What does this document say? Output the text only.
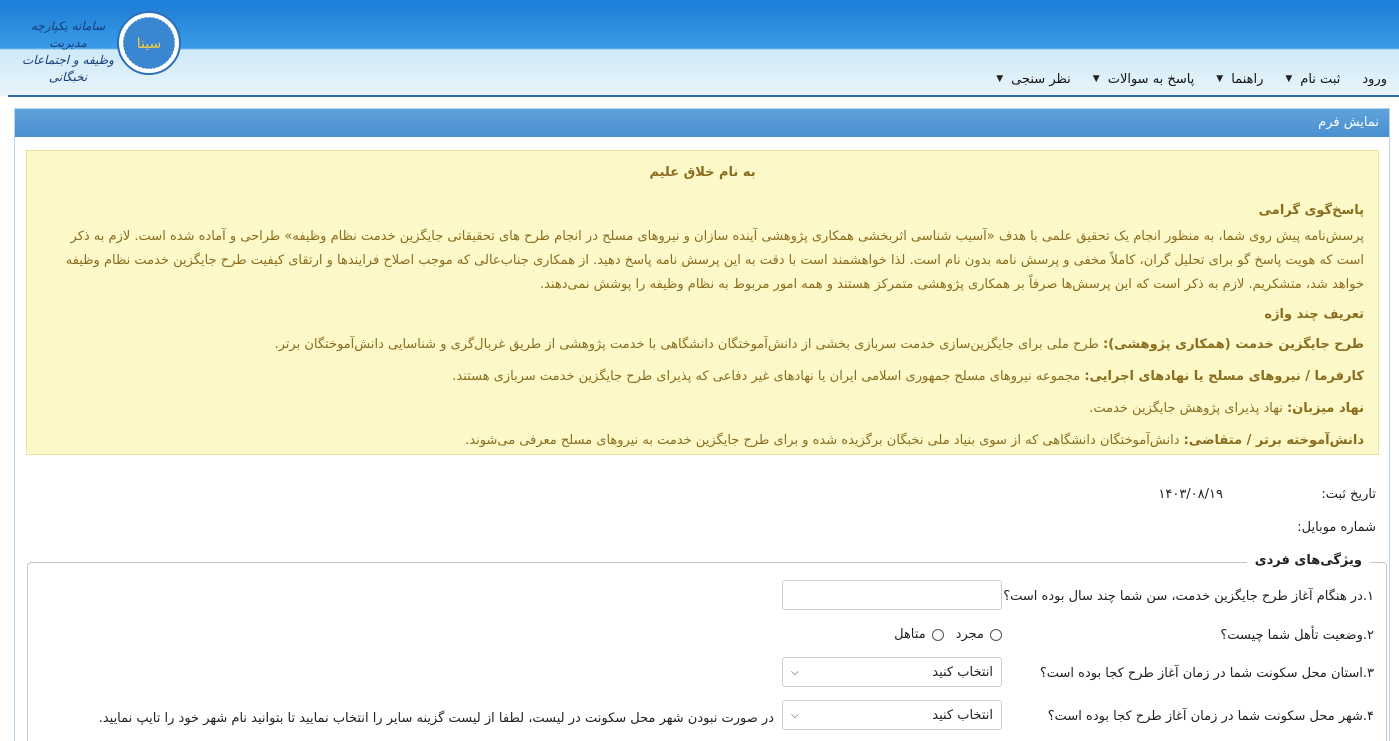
سامانه یکپارچه مدیریت
وظیفه و اجتماعات نخبگانی
سینا
ورود
ثبت نام
▼
راهنما
▼
پاسخ به سوالات
▼
نظر سنجی
▼
نمایش فرم
به نام خلاق علیم
پاسخ‌گوی گرامی
پرسش‌نامه پیش روی شما، به منظور انجام یک تحقیق علمی با هدف «آسیب شناسی اثربخشی همکاری پژوهشی آینده سازان و نیروهای مسلح در انجام طرح های تحقیقاتی جایگزین خدمت نظام وظیفه» طراحی و آماده شده است. لازم به ذکر است که هویت پاسخ گو برای تحلیل گران، کاملاً مخفی و پرسش نامه بدون نام است. لذا خواهشمند است با دقت به این پرسش نامه پاسخ دهید. از همکاری جناب‌عالی که موجب اصلاح فرایندها و ارتقای کیفیت طرح جایگزین خدمت نظام وظیفه خواهد شد، متشکریم. لازم به ذکر است که این پرسش‌ها صرفاً بر همکاری پژوهشی متمرکز هستند و همه امور مربوط به نظام وظیفه را پوشش نمی‌دهند.
تعریف چند واژه
طرح جایگزین خدمت (همکاری پژوهشی): طرح ملی برای جایگزین‌سازی خدمت سربازی بخشی از دانش‌آموختگان دانشگاهی با خدمت پژوهشی از طریق غربال‌گری و شناسایی دانش‌آموختگان برتر.
کارفرما / نیروهای مسلح یا نهادهای اجرایی: مجموعه نیروهای مسلح جمهوری اسلامی ایران یا نهادهای غیر دفاعی که پذیرای طرح جایگزین خدمت سربازی هستند.
نهاد میزبان: نهاد پذیرای پژوهش جایگزین خدمت.
دانش‌آموخته برتر / متقاضی: دانش‌آموختگان دانشگاهی که از سوی بنیاد ملی نخبگان برگزیده شده و برای طرح جایگزین خدمت به نیروهای مسلح معرفی می‌شوند.
تاریخ ثبت:
۱۴۰۳/۰۸/۱۹
شماره موبایل:
ویژگی‌های فردی
۱.در هنگام آغاز طرح جایگزین خدمت، سن شما چند سال بوده است؟
۲.وضعیت تأهل شما چیست؟
مجرد
متاهل
۳.استان محل سکونت شما در زمان آغاز طرح کجا بوده است؟
انتخاب کنید
⌵
۴.شهر محل سکونت شما در زمان آغاز طرح کجا بوده است؟
انتخاب کنید
⌵
در صورت نبودن شهر محل سکونت در لیست، لطفا از لیست گزینه سایر را انتخاب نمایید تا بتوانید نام شهر خود را تایپ نمایید.
